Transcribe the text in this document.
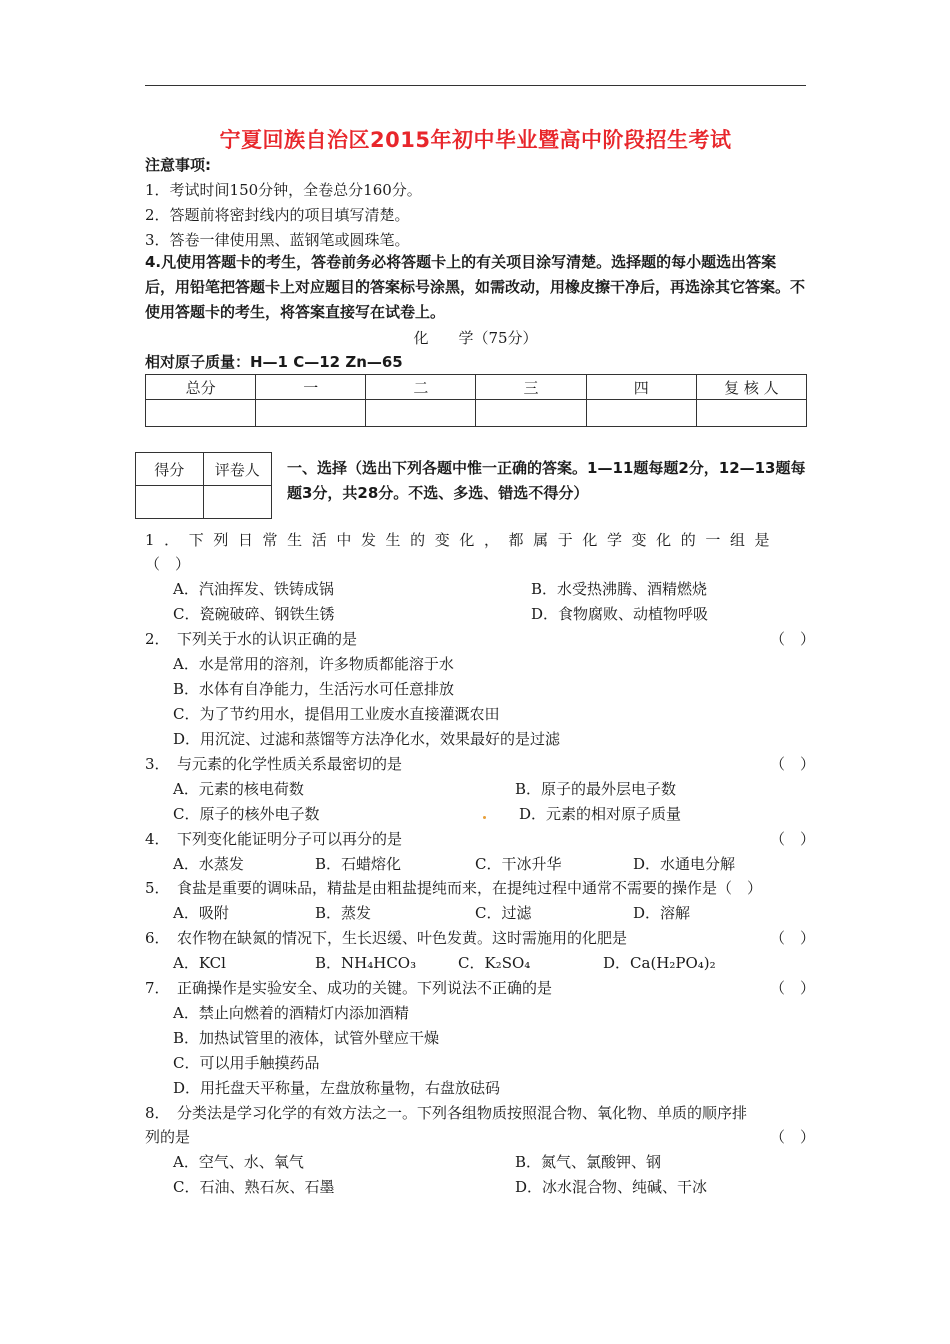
宁夏回族自治区2015年初中毕业暨高中阶段招生考试
注意事项:
1．考试时间150分钟，全卷总分160分。
2．答题前将密封线内的项目填写清楚。
3．答卷一律使用黑、蓝钢笔或圆珠笔。
4.凡使用答题卡的考生，答卷前务必将答题卡上的有关项目涂写清楚。选择题的每小题选出答案后，用铅笔把答题卡上对应题目的答案标号涂黑，如需改动，用橡皮擦干净后，再选涂其它答案。不使用答题卡的考生，将答案直接写在试卷上。
化　　学（75分）
相对原子质量：H—1 C—12 Zn—65
总分	一	二	三	四	复 核 人

得分	评卷人
	一、选择（选出下列各题中惟一正确的答案。1—11题每题2分，12—13题每题3分，共28分。不选、多选、错选不得分）
1．下列日常生活中发生的变化，都属于化学变化的一组是
（　）
A．汽油挥发、铁铸成锅	B．水受热沸腾、酒精燃烧
C．瓷碗破碎、钢铁生锈	D．食物腐败、动植物呼吸
2．　下列关于水的认识正确的是	（　）
A．水是常用的溶剂，许多物质都能溶于水
B．水体有自净能力，生活污水可任意排放
C．为了节约用水，提倡用工业废水直接灌溉农田
D．用沉淀、过滤和蒸馏等方法净化水，效果最好的是过滤
3．　与元素的化学性质关系最密切的是	（　）
A．元素的核电荷数	B．原子的最外层电子数
C．原子的核外电子数	D．元素的相对原子质量
4．　下列变化能证明分子可以再分的是	（　）
A．水蒸发	B．石蜡熔化	C．干冰升华	D．水通电分解
5．　食盐是重要的调味品，精盐是由粗盐提纯而来，在提纯过程中通常不需要的操作是（　）
A．吸附	B．蒸发	C．过滤	D．溶解
6．　农作物在缺氮的情况下，生长迟缓、叶色发黄。这时需施用的化肥是	（　）
A．KCl	B．NH₄HCO₃	C．K₂SO₄	D．Ca(H₂PO₄)₂
7．　正确操作是实验安全、成功的关键。下列说法不正确的是	（　）
A．禁止向燃着的酒精灯内添加酒精
B．加热试管里的液体，试管外壁应干燥
C．可以用手触摸药品
D．用托盘天平称量，左盘放称量物，右盘放砝码
8．　分类法是学习化学的有效方法之一。下列各组物质按照混合物、氧化物、单质的顺序排
列的是	（　）
A．空气、水、氧气	B．氮气、氯酸钾、钢
C．石油、熟石灰、石墨	D．冰水混合物、纯碱、干冰
